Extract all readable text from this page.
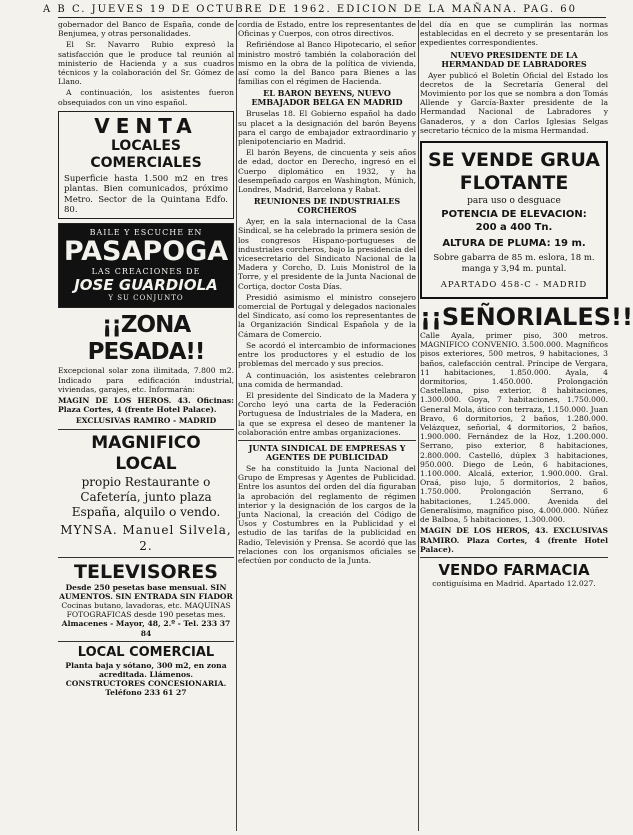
A B C. JUEVES 19 DE OCTUBRE DE 1962. EDICION DE LA MAÑANA. PAG. 60

gobernador del Banco de España, conde de Benjumea, y otras personalidades.

El Sr. Navarro Rubio expresó la satisfacción que le produce tal reunión al ministerio de Hacienda y a sus cuadros técnicos y la colaboración del Sr. Gómez de Llano.

A continuación, los asistentes fueron obsequiados con un vino español.

VENTA
LOCALES COMERCIALES
Superficie hasta 1.500 m2 en tres plantas. Bien comunicados, próximo Metro. Sector de la Quintana Edfo. 80.
BAILE Y ESCUCHE EN
PASAPOGA
LAS CREACIONES DE
JOSE GUARDIOLA
Y SU CONJUNTO
¡¡ZONA PESADA!!

Excepcional solar zona ilimitada, 7.800 m2. Indicado para edificación industrial, viviendas, garajes, etc. Informarán:

MAGIN DE LOS HEROS. 43. Oficinas: Plaza Cortes, 4 (frente Hotel Palace).

EXCLUSIVAS RAMIRO - MADRID
MAGNIFICO LOCAL
propio Restaurante o Cafetería, junto plaza España, alquilo o vendo.
MYNSA. Manuel Silvela, 2.
TELEVISORES
Desde 250 pesetas base mensual. SIN AUMENTOS. SIN ENTRADA SIN FIADOR
Cocinas butano, lavadoras, etc. MAQUINAS FOTOGRAFICAS desde 190 pesetas mes.
Almacenes - Mayor, 48, 2.º - Tel. 233 37 84
LOCAL COMERCIAL
Planta baja y sótano, 300 m2, en zona acreditada. Llámenos. CONSTRUCTORES CONCESIONARIA. Teléfono 233 61 27

cordia de Estado, entre los representantes de Oficinas y Cuerpos, con otros directivos.

Refiriéndose al Banco Hipotecario, el señor ministro mostró también la colaboración del mismo en la obra de la política de vivienda, así como la del Banco para Bienes a las familias con el régimen de Hacienda.

EL BARON BEYENS, NUEVO EMBAJADOR BELGA EN MADRID

Bruselas 18. El Gobierno español ha dado su placet a la designación del barón Beyens para el cargo de embajador extraordinario y plenipotenciario en Madrid.

El barón Beyens, de cincuenta y seis años de edad, doctor en Derecho, ingresó en el Cuerpo diplomático en 1932, y ha desempeñado cargos en Washington, Múnich, Londres, Madrid, Barcelona y Rabat.

REUNIONES DE INDUSTRIALES CORCHEROS

Ayer, en la sala internacional de la Casa Sindical, se ha celebrado la primera sesión de los congresos Hispano-portugueses de industriales corcheros, bajo la presidencia del vicesecretario del Sindicato Nacional de la Madera y Corcho, D. Luis Monistrol de la Torre, y el presidente de la Junta Nacional de Cortiça, doctor Costa Días.

Presidió asimismo el ministro consejero comercial de Portugal y delegados nacionales del Sindicato, así como los representantes de la Organización Sindical Española y de la Cámara de Comercio.

Se acordó el intercambio de informaciones entre los productores y el estudio de los problemas del mercado y sus precios.

A continuación, los asistentes celebraron una comida de hermandad.

El presidente del Sindicato de la Madera y Corcho leyó una carta de la Federación Portuguesa de Industriales de la Madera, en la que se expresa el deseo de mantener la colaboración entre ambas organizaciones.

JUNTA SINDICAL DE EMPRESAS Y AGENTES DE PUBLICIDAD

Se ha constituido la Junta Nacional del Grupo de Empresas y Agentes de Publicidad. Entre los asuntos del orden del día figuraban la aprobación del reglamento de régimen interior y la designación de los cargos de la Junta Nacional, la creación del Código de Usos y Costumbres en la Publicidad y el estudio de las tarifas de la publicidad en Radio, Televisión y Prensa. Se acordó que las relaciones con los organismos oficiales se efectúen por conducto de la Junta.

del día en que se cumplirán las normas establecidas en el decreto y se presentarán los expedientes correspondientes.

NUEVO PRESIDENTE DE LA HERMANDAD DE LABRADORES

Ayer publicó el Boletín Oficial del Estado los decretos de la Secretaría General del Movimiento por los que se nombra a don Tomás Allende y García-Baxter presidente de la Hermandad Nacional de Labradores y Ganaderos, y a don Carlos Iglesias Selgas secretario técnico de la misma Hermandad.

SE VENDE GRUA
FLOTANTE
para uso o desguace
POTENCIA DE ELEVACION:
200 a 400 Tn.
ALTURA DE PLUMA: 19 m.
Sobre gabarra de 85 m. eslora, 18 m. manga y 3,94 m. puntal.
APARTADO 458-C - MADRID
¡¡SEÑORIALES!!

Calle Ayala, primer piso, 300 metros. MAGNIFICO CONVENIO. 3.500.000. Magníficos pisos exteriores, 500 metros, 9 habitaciones, 3 baños, calefacción central. Príncipe de Vergara, 11 habitaciones, 1.850.000. Ayala, 4 dormitorios, 1.450.000. Prolongación Castellana, piso exterior, 8 habitaciones, 1.300.000. Goya, 7 habitaciones, 1.750.000. General Mola, ático con terraza, 1.150.000. Juan Bravo, 6 dormitorios, 2 baños, 1.280.000. Velázquez, señorial, 4 dormitorios, 2 baños, 1.900.000. Fernández de la Hoz, 1.200.000. Serrano, piso exterior, 8 habitaciones, 2.800.000. Castelló, dúplex 3 habitaciones, 950.000. Diego de León, 6 habitaciones, 1.100.000. Alcalá, exterior, 1.900.000. Gral. Oraá, piso lujo, 5 dormitorios, 2 baños, 1.750.000. Prolongación Serrano, 6 habitaciones, 1.245.000. Avenida del Generalísimo, magnífico piso, 4.000.000. Núñez de Balboa, 5 habitaciones, 1.300.000.

MAGIN DE LOS HEROS, 43. EXCLUSIVAS RAMIRO. Plaza Cortes, 4 (frente Hotel Palace).

VENDO FARMACIA
contiguísima en Madrid. Apartado 12.027.
